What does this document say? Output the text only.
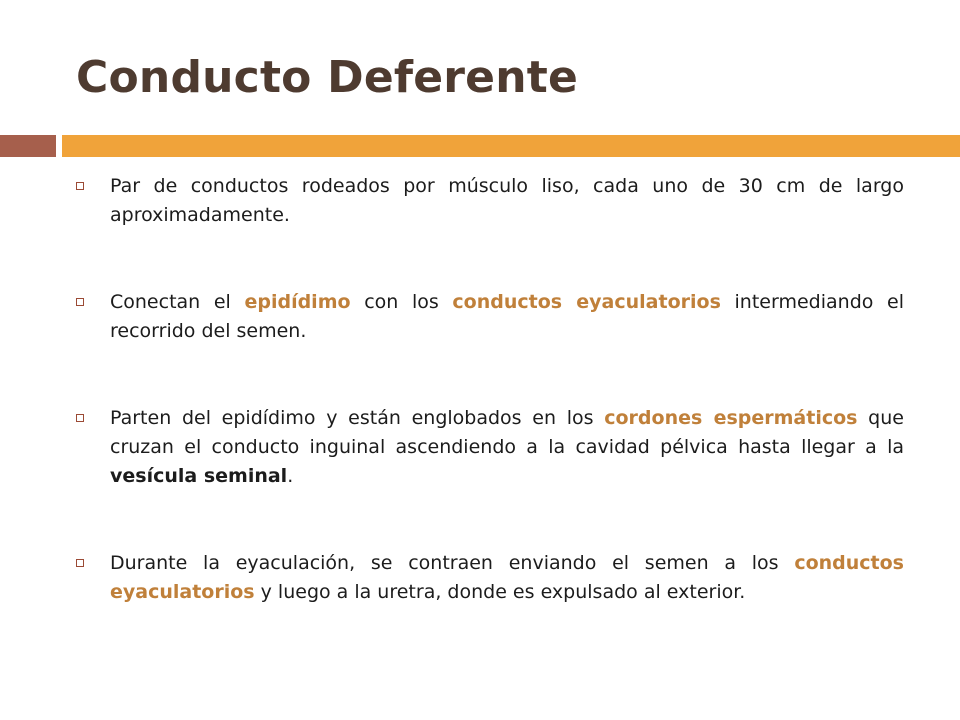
Conducto Deferente

Par de conductos rodeados por músculo liso, cada uno de 30 cm de largo aproximadamente.

Conectan el epidídimo con los conductos eyaculatorios intermediando el recorrido del semen.

Parten del epidídimo y están englobados en los cordones espermáticos que cruzan el conducto inguinal ascendiendo a la cavidad pélvica hasta llegar a la vesícula seminal.

Durante la eyaculación, se contraen enviando el semen a los conductos eyaculatorios y luego a la uretra, donde es expulsado al exterior.
